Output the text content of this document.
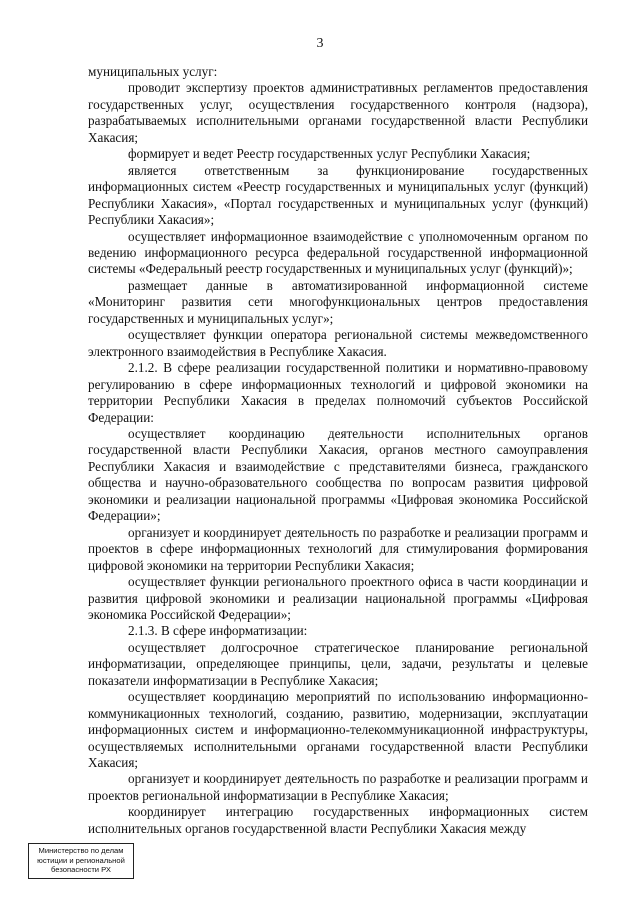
3

муниципальных услуг:

проводит экспертизу проектов административных регламентов предоставления государственных услуг, осуществления государственного контроля (надзора), разрабатываемых исполнительными органами государственной власти Республики Хакасия;

формирует и ведет Реестр государственных услуг Республики Хакасия;

является ответственным за функционирование государственных информационных систем «Реестр государственных и муниципальных услуг (функций) Республики Хакасия», «Портал государственных и муниципальных услуг (функций) Республики Хакасия»;

осуществляет информационное взаимодействие с уполномоченным органом по ведению информационного ресурса федеральной государственной информационной системы «Федеральный реестр государственных и муниципальных услуг (функций)»;

размещает данные в автоматизированной информационной системе «Мониторинг развития сети многофункциональных центров предоставления государственных и муниципальных услуг»;

осуществляет функции оператора региональной системы межведомственного электронного взаимодействия в Республике Хакасия.

2.1.2. В сфере реализации государственной политики и нормативно-правовому регулированию в сфере информационных технологий и цифровой экономики на территории Республики Хакасия в пределах полномочий субъектов Российской Федерации:

осуществляет координацию деятельности исполнительных органов государственной власти Республики Хакасия, органов местного самоуправления Республики Хакасия и взаимодействие с представителями бизнеса, гражданского общества и научно-образовательного сообщества по вопросам развития цифровой экономики и реализации национальной программы «Цифровая экономика Российской Федерации»;

организует и координирует деятельность по разработке и реализации программ и проектов в сфере информационных технологий для стимулирования формирования цифровой экономики на территории Республики Хакасия;

осуществляет функции регионального проектного офиса в части координации и развития цифровой экономики и реализации национальной программы «Цифровая экономика Российской Федерации»;

2.1.3. В сфере информатизации:

осуществляет долгосрочное стратегическое планирование региональной информатизации, определяющее принципы, цели, задачи, результаты и целевые показатели информатизации в Республике Хакасия;

осуществляет координацию мероприятий по использованию информационно-коммуникационных технологий, созданию, развитию, модернизации, эксплуатации информационных систем и информационно-телекоммуникационной инфраструктуры, осуществляемых исполнительными органами государственной власти Республики Хакасия;

организует и координирует деятельность по разработке и реализации программ и проектов региональной информатизации в Республике Хакасия;

координирует интеграцию государственных информационных систем исполнительных органов государственной власти Республики Хакасия между

Министерство по делам
юстиции и региональной
безопасности РХ
